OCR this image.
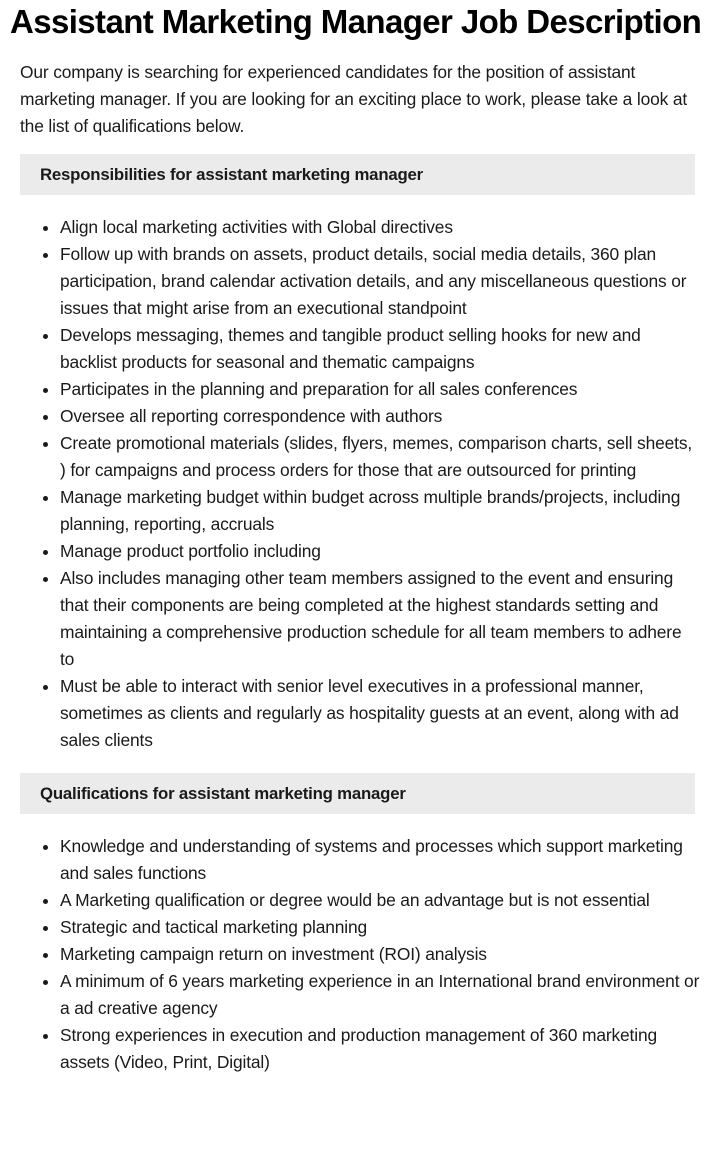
Assistant Marketing Manager Job Description

Our company is searching for experienced candidates for the position of assistant marketing manager. If you are looking for an exciting place to work, please take a look at the list of qualifications below.

Responsibilities for assistant marketing manager
Align local marketing activities with Global directives
Follow up with brands on assets, product details, social media details, 360 plan participation, brand calendar activation details, and any miscellaneous questions or issues that might arise from an executional standpoint
Develops messaging, themes and tangible product selling hooks for new and backlist products for seasonal and thematic campaigns
Participates in the planning and preparation for all sales conferences
Oversee all reporting correspondence with authors
Create promotional materials (slides, flyers, memes, comparison charts, sell sheets, ) for campaigns and process orders for those that are outsourced for printing
Manage marketing budget within budget across multiple brands/projects, including planning, reporting, accruals
Manage product portfolio including
Also includes managing other team members assigned to the event and ensuring that their components are being completed at the highest standards setting and maintaining a comprehensive production schedule for all team members to adhere to
Must be able to interact with senior level executives in a professional manner, sometimes as clients and regularly as hospitality guests at an event, along with ad sales clients
Qualifications for assistant marketing manager
Knowledge and understanding of systems and processes which support marketing and sales functions
A Marketing qualification or degree would be an advantage but is not essential
Strategic and tactical marketing planning
Marketing campaign return on investment (ROI) analysis
A minimum of 6 years marketing experience in an International brand environment or a ad creative agency
Strong experiences in execution and production management of 360 marketing assets (Video, Print, Digital)
